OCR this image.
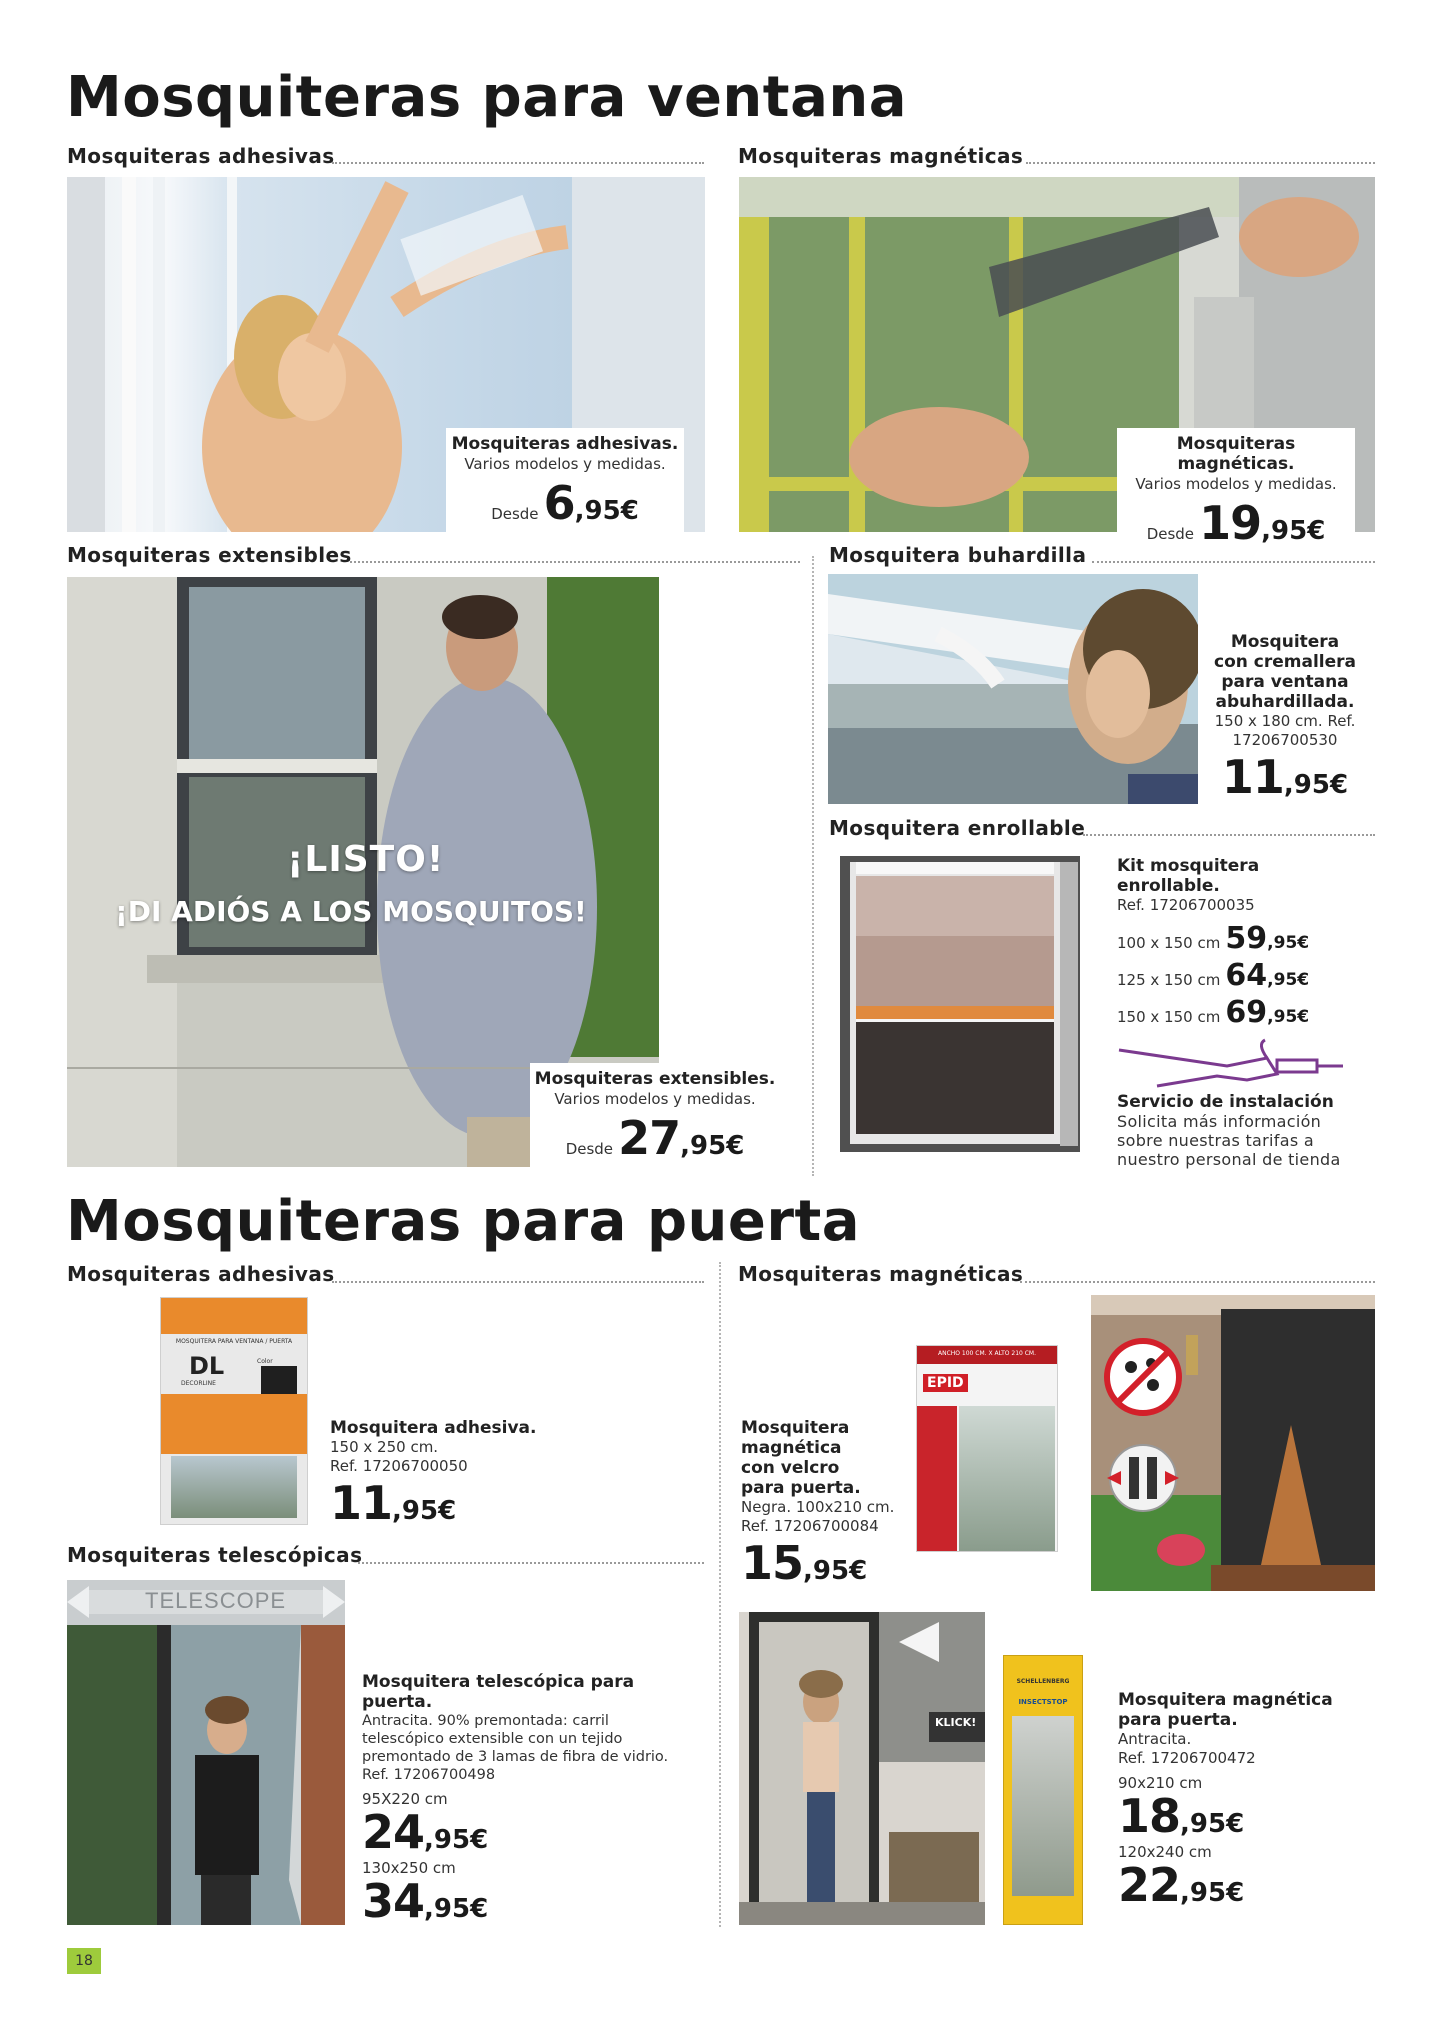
Mosquiteras para ventana
Mosquiteras adhesivas	Mosquiteras magnéticas
Mosquiteras adhesivas.
Varios modelos y medidas.
Desde 6,95€
Mosquiteras magnéticas.
Varios modelos y medidas.
Desde 19,95€
Mosquiteras extensibles	Mosquitera buhardilla
¡LISTO!
¡DI ADIÓS A LOS MOSQUITOS!
Mosquiteras extensibles.
Varios modelos y medidas.
Desde 27,95€
Mosquitera
con cremallera
para ventana
abuhardillada.
150 x 180 cm. Ref.
17206700530
11,95€
Mosquitera enrollable
Kit mosquitera
enrollable.
Ref. 17206700035
100 x 150 cm 59,95€
125 x 150 cm 64,95€
150 x 150 cm 69,95€
Servicio de instalación
Solicita más información
sobre nuestras tarifas a
nuestro personal de tienda
Mosquiteras para puerta
Mosquiteras adhesivas	Mosquiteras magnéticas
MOSQUITERA PARA VENTANA / PUERTA
DL
DECORLINE
Color
Mosquitera adhesiva.
150 x 250 cm.
Ref. 17206700050
11,95€
Mosquiteras telescópicas
TELESCOPE
Mosquitera telescópica para puerta.
Antracita. 90% premontada: carril
telescópico extensible con un tejido
premontado de 3 lamas de fibra de vidrio.
Ref. 17206700498
95X220 cm
24,95€
130x250 cm
34,95€
Mosquitera
magnética
con velcro
para puerta.
Negra. 100x210 cm.
Ref. 17206700084
15,95€
ANCHO 100 CM. X ALTO 210 CM.
EPID
KLICK!
SCHELLENBERG
INSECTSTOP	Mosquitera magnética
para puerta.
Antracita.
Ref. 17206700472
90x210 cm
18,95€
120x240 cm
22,95€
18
